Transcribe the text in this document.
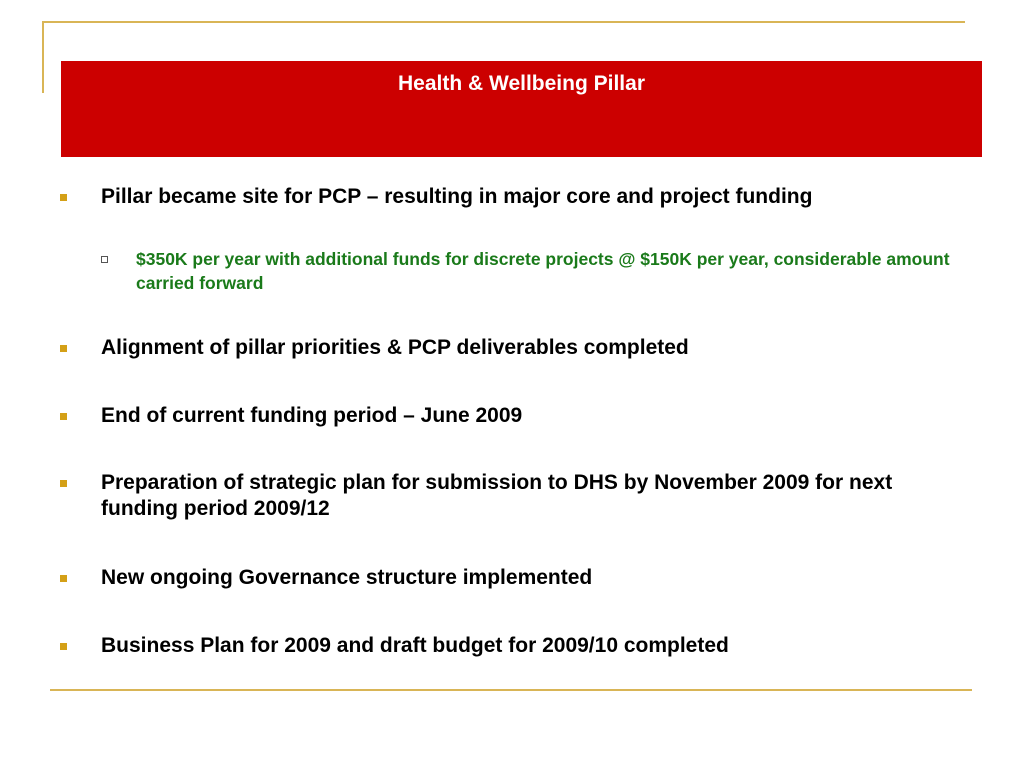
Health & Wellbeing Pillar
Pillar became site for PCP – resulting in major core and project funding
$350K per year with additional funds for discrete projects @ $150K per year, considerable amount carried forward
Alignment of pillar priorities & PCP deliverables completed
End of current funding period – June 2009
Preparation of strategic plan for submission to DHS by November 2009 for next funding period 2009/12
New ongoing Governance structure implemented
Business Plan for 2009 and draft budget for 2009/10 completed
